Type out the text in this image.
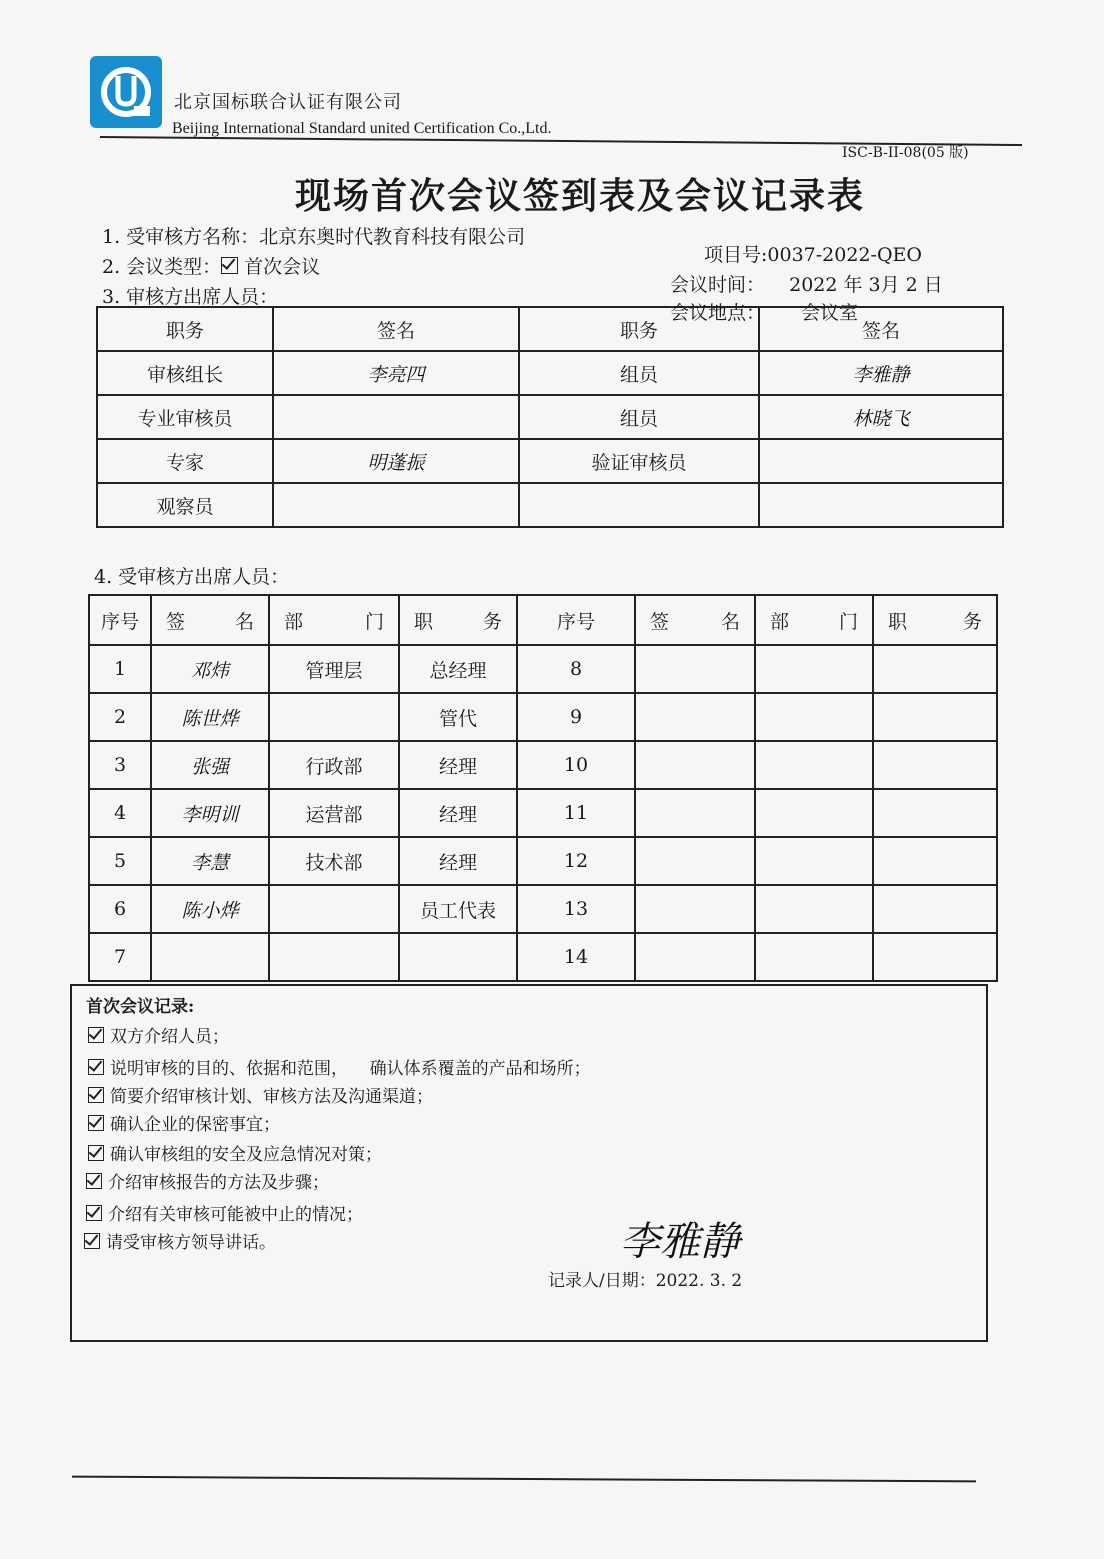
北京国标联合认证有限公司
Beijing International Standard united Certification Co.,Ltd.
ISC-B-II-08(05 版)
现场首次会议签到表及会议记录表
1. 受审核方名称：北京东奥时代教育科技有限公司
2. 会议类型： 首次会议
3. 审核方出席人员：
项目号:0037-2022-QEO
会议时间： 2022 年 3月 2 日
会议地点： 会议室
职务	签名	职务	签名
审核组长	李亮四	组员	李雅静
专业审核员		组员	林晓飞
专家	明蓬振	验证审核员	
观察员			
4. 受审核方出席人员：
序号	签 名	部 门	职 务	序号	签 名	部 门	职 务

1	邓炜	管理层	总经理	8			
2	陈世烨		管代	9			
3	张强	行政部	经理	10			
4	李明训	运营部	经理	11			
5	李慧	技术部	经理	12			
6	陈小烨		员工代表	13			
7				14			
首次会议记录:
双方介绍人员；
说明审核的目的、依据和范围，    确认体系覆盖的产品和场所；
简要介绍审核计划、审核方法及沟通渠道；
确认企业的保密事宜；
确认审核组的安全及应急情况对策；
介绍审核报告的方法及步骤；
介绍有关审核可能被中止的情况；
请受审核方领导讲话。	李雅静
记录人/日期：2022. 3. 2
